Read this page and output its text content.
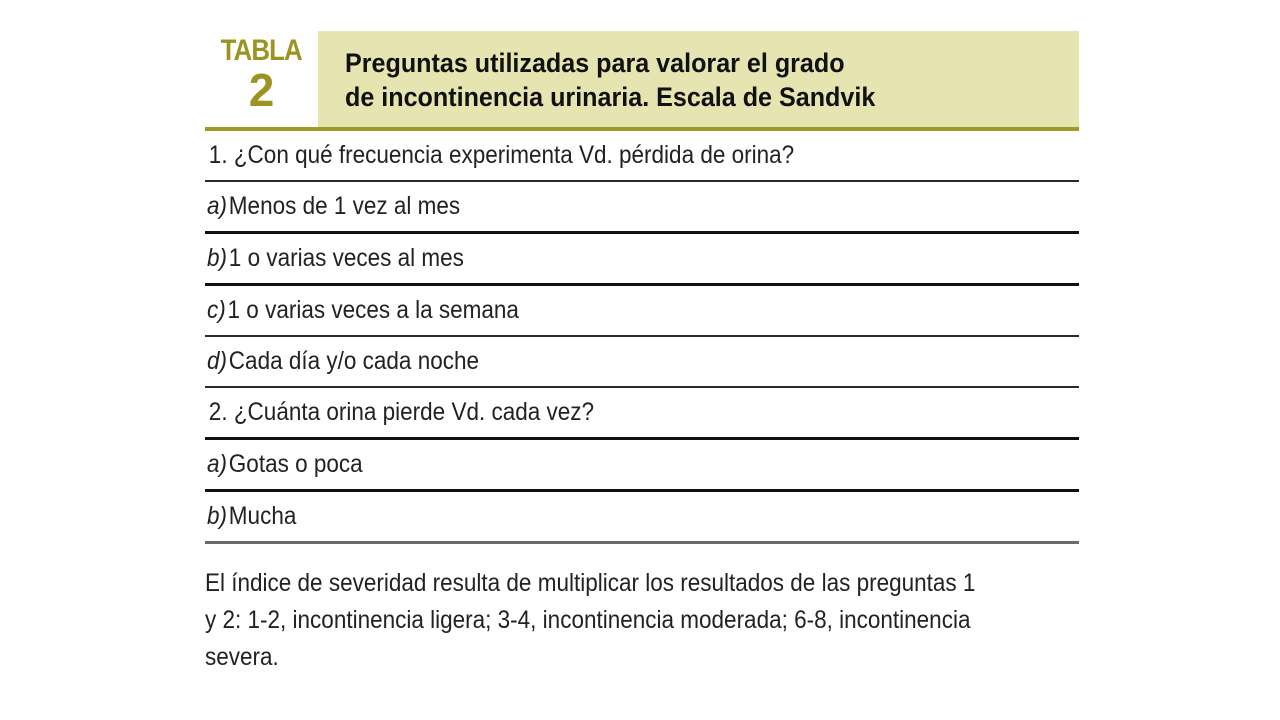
TABLA
2
Preguntas utilizadas para valorar el grado
de incontinencia urinaria. Escala de Sandvik
1. ¿Con qué frecuencia experimenta Vd. pérdida de orina?
a)Menos de 1 vez al mes
b)1 o varias veces al mes
c)1 o varias veces a la semana
d)Cada día y/o cada noche
2. ¿Cuánta orina pierde Vd. cada vez?
a)Gotas o poca
b)Mucha
El índice de severidad resulta de multiplicar los resultados de las preguntas 1
y 2: 1-2, incontinencia ligera; 3-4, incontinencia moderada; 6-8, incontinencia
severa.
